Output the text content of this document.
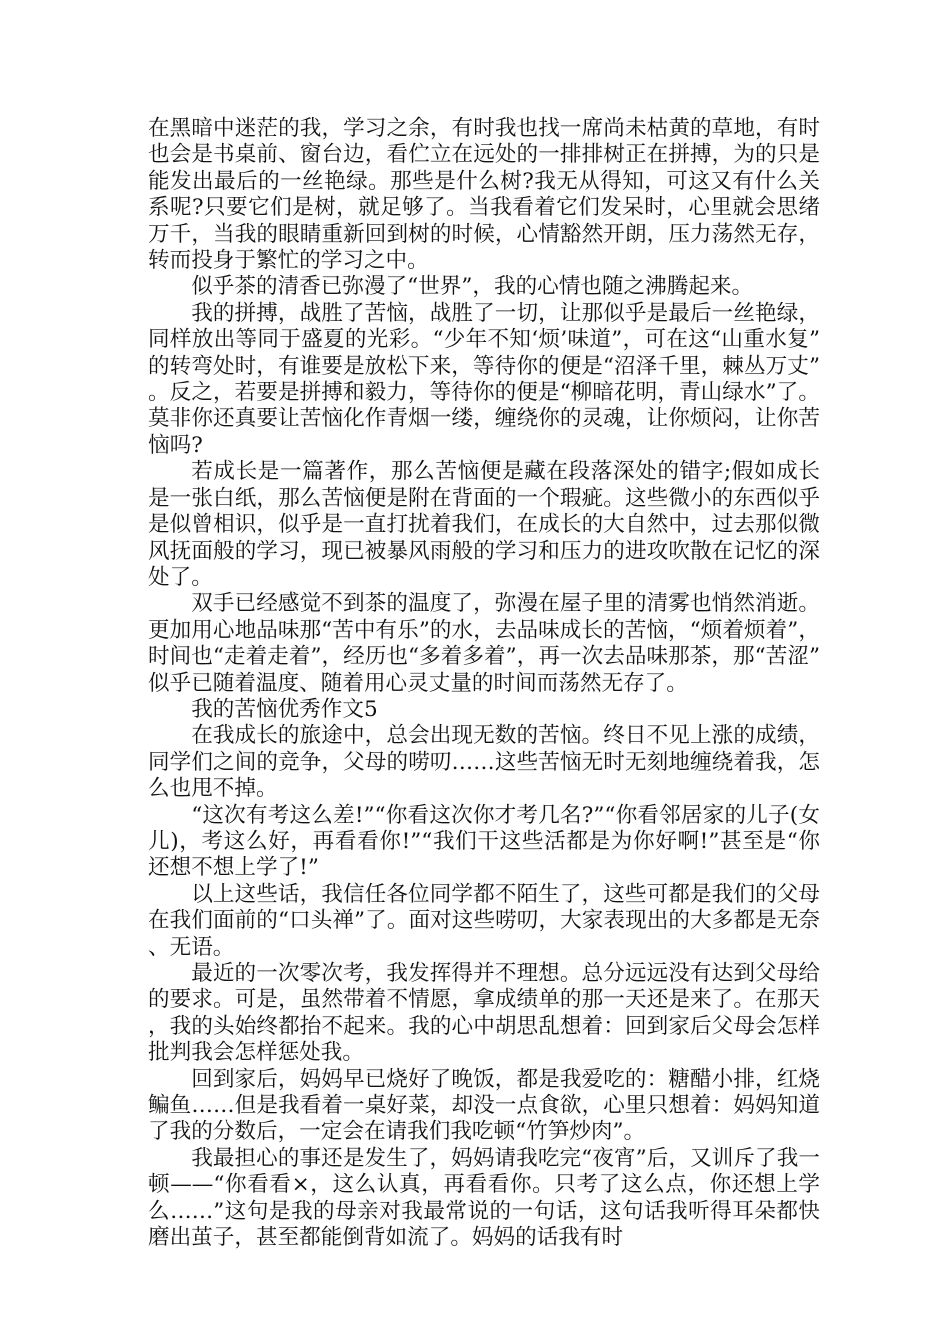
在黑暗中迷茫的我，学习之余，有时我也找一席尚未枯黄的草地，有时也会是书桌前、窗台边，看伫立在远处的一排排树正在拼搏，为的只是能发出最后的一丝艳绿。那些是什么树?我无从得知，可这又有什么关系呢?只要它们是树，就足够了。当我看着它们发呆时，心里就会思绪万千，当我的眼睛重新回到树的时候，心情豁然开朗，压力荡然无存，转而投身于繁忙的学习之中。

似乎茶的清香已弥漫了“世界”，我的心情也随之沸腾起来。

我的拼搏，战胜了苦恼，战胜了一切，让那似乎是最后一丝艳绿，同样放出等同于盛夏的光彩。“少年不知‘烦’味道”，可在这“山重水复”的转弯处时，有谁要是放松下来，等待你的便是“沼泽千里，棘丛万丈”。反之，若要是拼搏和毅力，等待你的便是“柳暗花明，青山绿水”了。莫非你还真要让苦恼化作青烟一缕，缠绕你的灵魂，让你烦闷，让你苦恼吗?

若成长是一篇著作，那么苦恼便是藏在段落深处的错字;假如成长是一张白纸，那么苦恼便是附在背面的一个瑕疵。这些微小的东西似乎是似曾相识，似乎是一直打扰着我们，在成长的大自然中，过去那似微风抚面般的学习，现已被暴风雨般的学习和压力的进攻吹散在记忆的深处了。

双手已经感觉不到茶的温度了，弥漫在屋子里的清雾也悄然消逝。更加用心地品味那“苦中有乐”的水，去品味成长的苦恼，“烦着烦着”，时间也“走着走着”，经历也“多着多着”，再一次去品味那茶，那“苦涩”似乎已随着温度、随着用心灵丈量的时间而荡然无存了。

我的苦恼优秀作文5

在我成长的旅途中，总会出现无数的苦恼。终日不见上涨的成绩，同学们之间的竞争，父母的唠叨……这些苦恼无时无刻地缠绕着我，怎么也甩不掉。

“这次有考这么差!”“你看这次你才考几名?”“你看邻居家的儿子(女儿)，考这么好，再看看你!”“我们干这些活都是为你好啊!”甚至是“你还想不想上学了!”

以上这些话，我信任各位同学都不陌生了，这些可都是我们的父母在我们面前的“口头禅”了。面对这些唠叨，大家表现出的大多都是无奈、无语。

最近的一次零次考，我发挥得并不理想。总分远远没有达到父母给的要求。可是，虽然带着不情愿，拿成绩单的那一天还是来了。在那天，我的头始终都抬不起来。我的心中胡思乱想着：回到家后父母会怎样批判我会怎样惩处我。

回到家后，妈妈早已烧好了晚饭，都是我爱吃的：糖醋小排，红烧鳊鱼……但是我看着一桌好菜，却没一点食欲，心里只想着：妈妈知道了我的分数后，一定会在请我们我吃顿“竹笋炒肉”。

我最担心的事还是发生了，妈妈请我吃完“夜宵”后，又训斥了我一顿——“你看看×，这么认真，再看看你。只考了这么点，你还想上学么……”这句是我的母亲对我最常说的一句话，这句话我听得耳朵都快磨出茧子，甚至都能倒背如流了。妈妈的话我有时
